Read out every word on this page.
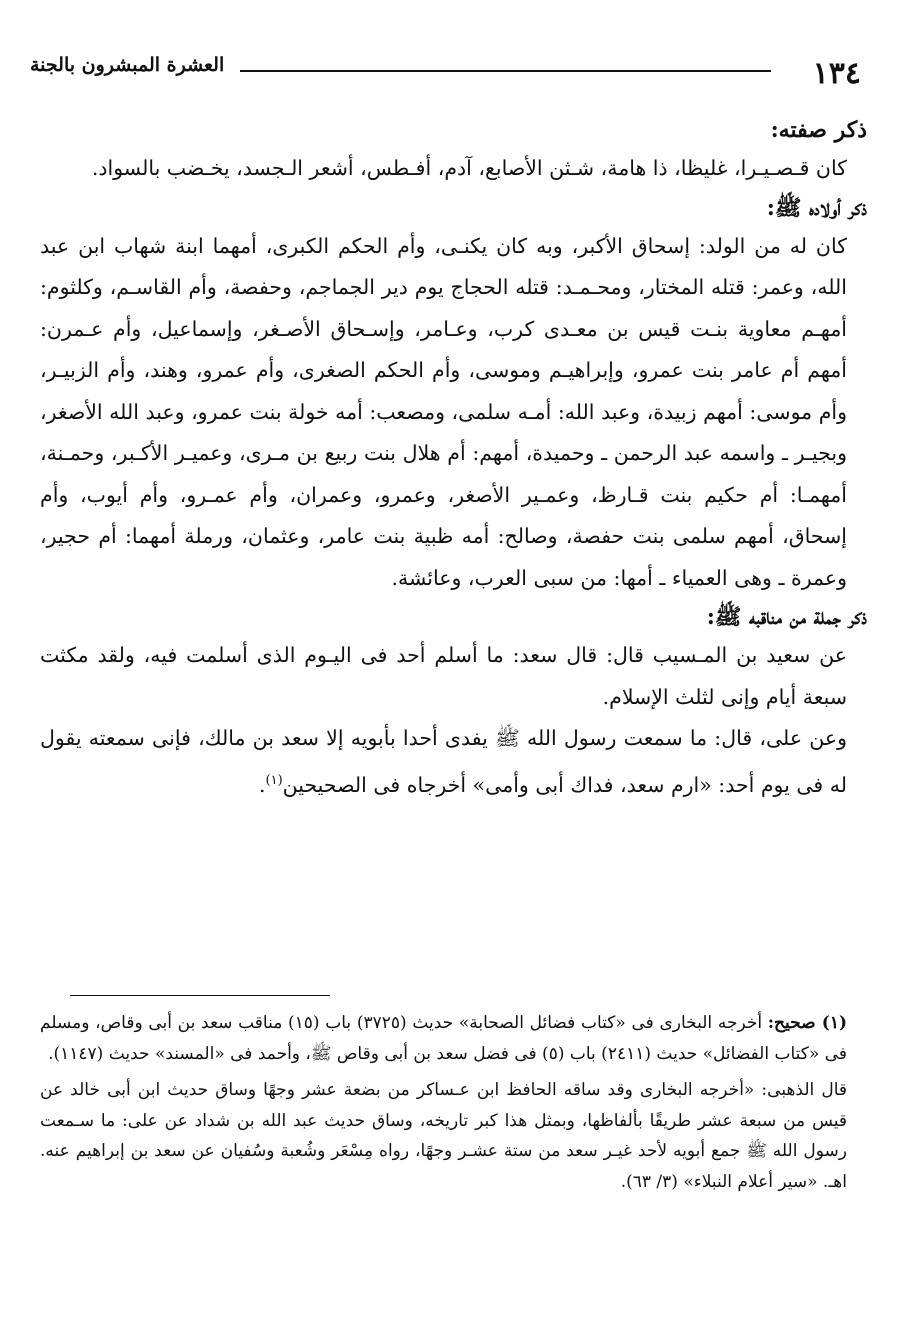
١٣٤
العشرة المبشرون بالجنة
ذكر صفته:

كان قـصـيـرا، غليظا، ذا هامة، شـثن الأصابع، آدم، أفـطس، أشعر الـجسد، يخـضب بالسواد.

ذكر أولاده ﷺ:

كان له من الولد: إسحاق الأكبر، وبه كان يكنـى، وأم الحكم الكبرى، أمهما ابنة شهاب ابن عبد الله، وعمر: قتله المختار، ومحـمـد: قتله الحجاج يوم دير الجماجم، وحفصة، وأم القاسـم، وكلثوم: أمهـم معاوية بنـت قيس بن معـدى كرب، وعـامر، وإسـحاق الأصـغر، وإسماعيل، وأم عـمرن: أمهم أم عامر بنت عمرو، وإبراهيـم وموسى، وأم الحكم الصغرى، وأم عمرو، وهند، وأم الزبيـر، وأم موسى: أمهم زبيدة، وعبد الله: أمـه سلمى، ومصعب: أمه خولة بنت عمرو، وعبد الله الأصغر، وبجيـر ـ واسمه عبد الرحمن ـ وحميدة، أمهم: أم هلال بنت ربيع بن مـرى، وعميـر الأكـبر، وحمـنة، أمهمـا: أم حكيم بنت قـارظ، وعمـير الأصغر، وعمرو، وعمران، وأم عمـرو، وأم أيوب، وأم إسحاق، أمهم سلمى بنت حفصة، وصالح: أمه ظبية بنت عامر، وعثمان، ورملة أمهما: أم حجير، وعمرة ـ وهى العمياء ـ أمها: من سبى العرب، وعائشة.

ذكر جملة من مناقبه ﷺ:

عن سعيد بن المـسيب قال: قال سعد: ما أسلم أحد فى اليـوم الذى أسلمت فيه، ولقد مكثت سبعة أيام وإنى لثلث الإسلام.

وعن على، قال: ما سمعت رسول الله ﷺ يفدى أحدا بأبويه إلا سعد بن مالك، فإنى سمعته يقول له فى يوم أحد: «ارم سعد، فداك أبى وأمى» أخرجاه فى الصحيحين$^{(١)}$.

(١) صحيح: أخرجه البخارى فى «كتاب فضائل الصحابة» حديث (٣٧٢٥) باب (١٥) مناقب سعد بن أبى وقاص، ومسلم فى «كتاب الفضائل» حديث (٢٤١١) باب (٥) فى فضل سعد بن أبى وقاص ﷺ، وأحمد فى «المسند» حديث (١١٤٧).

قال الذهبى: «أخرجه البخارى وقد ساقه الحافظ ابن عـساكر من بضعة عشر وجهًا وساق حديث ابن أبى خالد عن قيس من سبعة عشر طريقًا بألفاظها، وبمثل هذا كبر تاريخه، وساق حديث عبد الله بن شداد عن على: ما سـمعت رسول الله ﷺ جمع أبويه لأحد غيـر سعد من ستة عشـر وجهًا، رواه مِسْعَر وشُعبة وسُفيان عن سعد بن إبراهيم عنه. اهـ. «سير أعلام النبلاء» (٣/ ٦٣).
